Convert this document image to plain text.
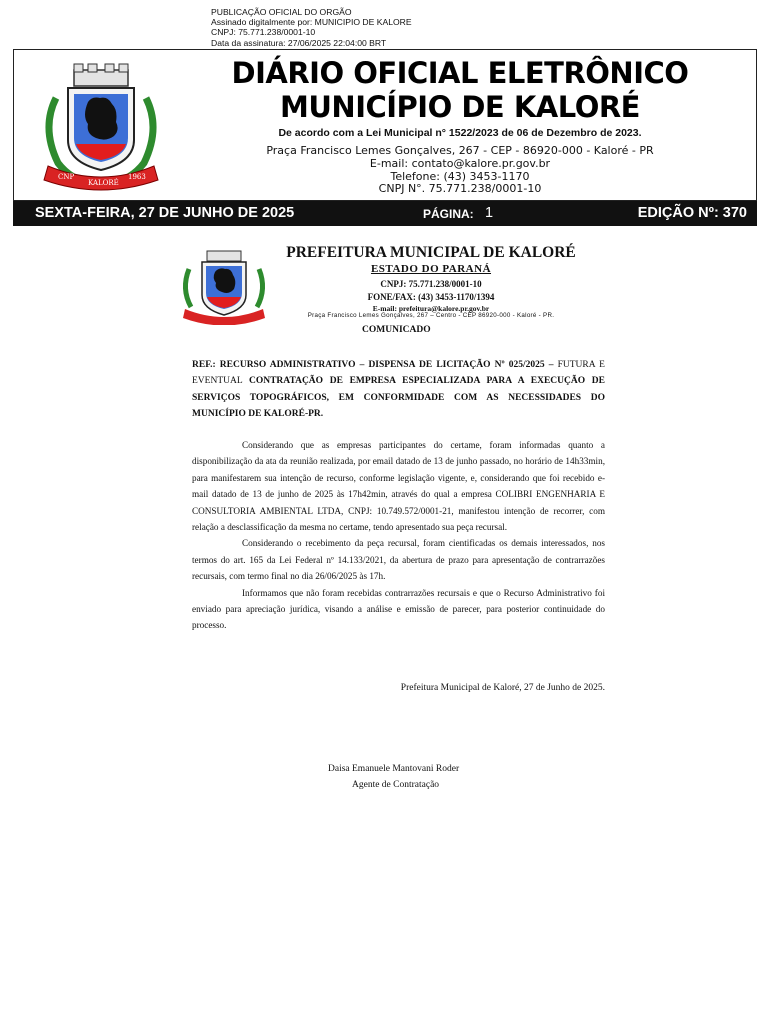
PUBLICAÇÃO OFICIAL DO ORGÃO
Assinado digitalmente por: MUNICIPIO DE KALORE
CNPJ: 75.771.238/0001-10
Data da assinatura: 27/06/2025 22:04:00 BRT
CNP
KALORÉ
1963
DIÁRIO OFICIAL ELETRÔNICO
MUNICÍPIO DE KALORÉ
De acordo com a Lei Municipal n° 1522/2023 de 06 de Dezembro de 2023.
Praça Francisco Lemes Gonçalves, 267 - CEP - 86920-000 - Kaloré - PR
E-mail: contato@kalore.pr.gov.br
Telefone: (43) 3453-1170
CNPJ N°. 75.771.238/0001-10
SEXTA-FEIRA, 27 DE JUNHO DE 2025	PÁGINA: 1	EDIÇÃO Nº: 370
PREFEITURA MUNICIPAL DE KALORÉ
ESTADO DO PARANÁ
CNPJ: 75.771.238/0001-10
FONE/FAX: (43) 3453-1170/1394
E-mail: prefeitura@kalore.pr.gov.br
Praça Francisco Lemes Gonçalves, 267 – Centro - CEP 86920-000 - Kaloré - PR.
COMUNICADO
REF.: RECURSO ADMINISTRATIVO – DISPENSA DE LICITAÇÃO Nº 025/2025 – FUTURA E EVENTUAL CONTRATAÇÃO DE EMPRESA ESPECIALIZADA PARA A EXECUÇÃO DE SERVIÇOS TOPOGRÁFICOS, EM CONFORMIDADE COM AS NECESSIDADES DO MUNICÍPIO DE KALORÉ-PR.

Considerando que as empresas participantes do certame, foram informadas quanto a disponibilização da ata da reunião realizada, por email datado de 13 de junho passado, no horário de 14h33min, para manifestarem sua intenção de recurso, conforme legislação vigente, e, considerando que foi recebido e-mail datado de 13 de junho de 2025 às 17h42min, através do qual a empresa COLIBRI ENGENHARIA E CONSULTORIA AMBIENTAL LTDA, CNPJ: 10.749.572/0001-21, manifestou intenção de recorrer, com relação a desclassificação da mesma no certame, tendo apresentado sua peça recursal.

Considerando o recebimento da peça recursal, foram cientificadas os demais interessados, nos termos do art. 165 da Lei Federal nº 14.133/2021, da abertura de prazo para apresentação de contrarrazões recursais, com termo final no dia 26/06/2025 às 17h.

Informamos que não foram recebidas contrarrazões recursais e que o Recurso Administrativo foi enviado para apreciação jurídica, visando a análise e emissão de parecer, para posterior continuidade do processo.

Prefeitura Municipal de Kaloré, 27 de Junho de 2025.
Daisa Emanuele Mantovani Roder
Agente de Contratação
